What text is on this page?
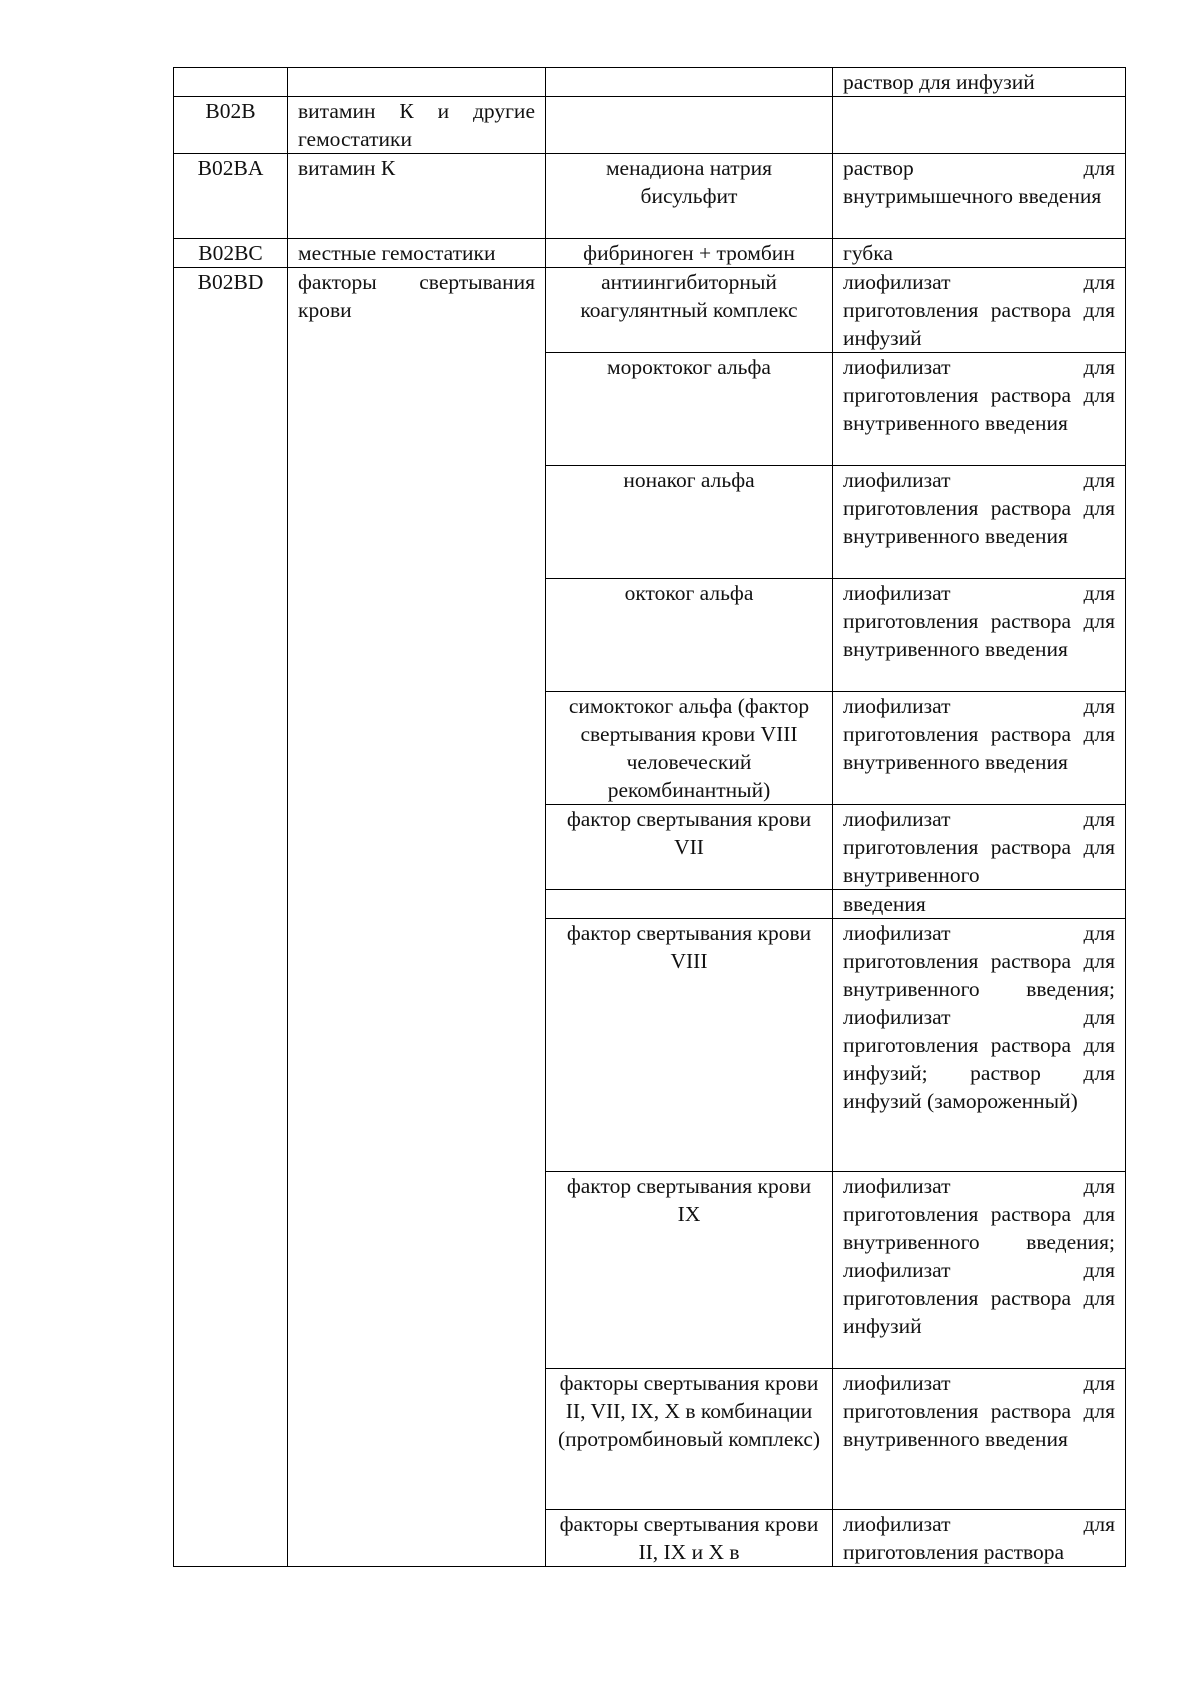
			раствор для инфузий
B02B	витамин К и другие гемостатики		
B02BA	витамин К	менадиона натрия бисульфит	раствор для внутримышечного введения
B02BC	местные гемостатики	фибриноген + тромбин	губка
B02BD	факторы свертывания крови	антиингибиторный коагулянтный комплекс	лиофилизат для приготовления раствора для инфузий
		мороктоког альфа	лиофилизат для приготовления раствора для внутривенного введения
		нонаког альфа	лиофилизат для приготовления раствора для внутривенного введения
		октоког альфа	лиофилизат для приготовления раствора для внутривенного введения
		симоктоког альфа (фактор свертывания крови VIII человеческий рекомбинантный)	лиофилизат для приготовления раствора для внутривенного введения
		фактор свертывания крови VII	лиофилизат для приготовления раствора для внутривенного
			введения
		фактор свертывания крови VIII	лиофилизат для приготовления раствора для внутривенного введения; лиофилизат для приготовления раствора для инфузий; раствор для инфузий (замороженный)
		фактор свертывания крови IX	лиофилизат для приготовления раствора для внутривенного введения; лиофилизат для приготовления раствора для инфузий
		факторы свертывания крови II, VII, IX, X в комбинации (протромбиновый комплекс)	лиофилизат для приготовления раствора для внутривенного введения
		факторы свертывания крови II, IX и X в	лиофилизат для приготовления раствора
